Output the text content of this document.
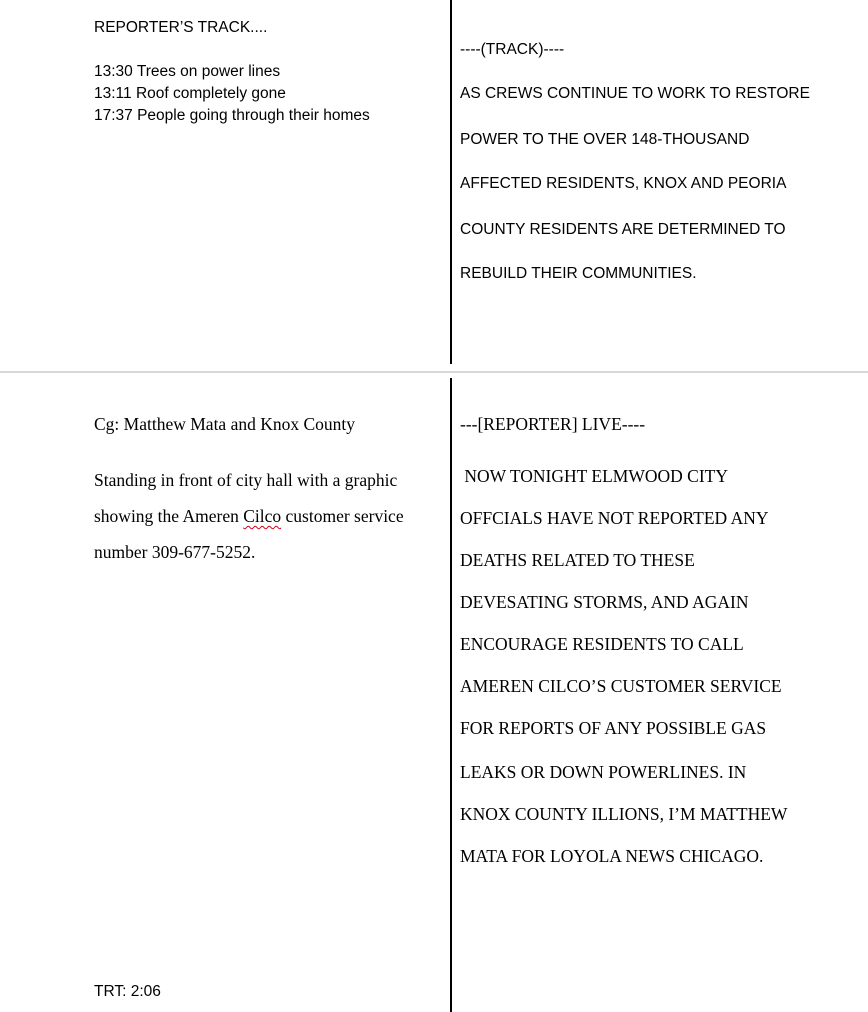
REPORTER’S TRACK....
13:30 Trees on power lines
13:11 Roof completely gone
17:37 People going through their homes
----(TRACK)----
AS CREWS CONTINUE TO WORK TO RESTORE
POWER TO THE OVER 148-THOUSAND
AFFECTED RESIDENTS, KNOX AND PEORIA
COUNTY RESIDENTS ARE DETERMINED TO
REBUILD THEIR COMMUNITIES.
Cg: Matthew Mata and Knox County
Standing in front of city hall with a graphic
showing the Ameren Cilco customer service
number 309-677-5252.
TRT: 2:06
---[REPORTER] LIVE----
NOW TONIGHT ELMWOOD CITY
OFFCIALS HAVE NOT REPORTED ANY
DEATHS RELATED TO THESE
DEVESATING STORMS, AND AGAIN
ENCOURAGE RESIDENTS TO CALL
AMEREN CILCO’S CUSTOMER SERVICE
FOR REPORTS OF ANY POSSIBLE GAS
LEAKS OR DOWN POWERLINES. IN
KNOX COUNTY ILLIONS, I’M MATTHEW
MATA FOR LOYOLA NEWS CHICAGO.
